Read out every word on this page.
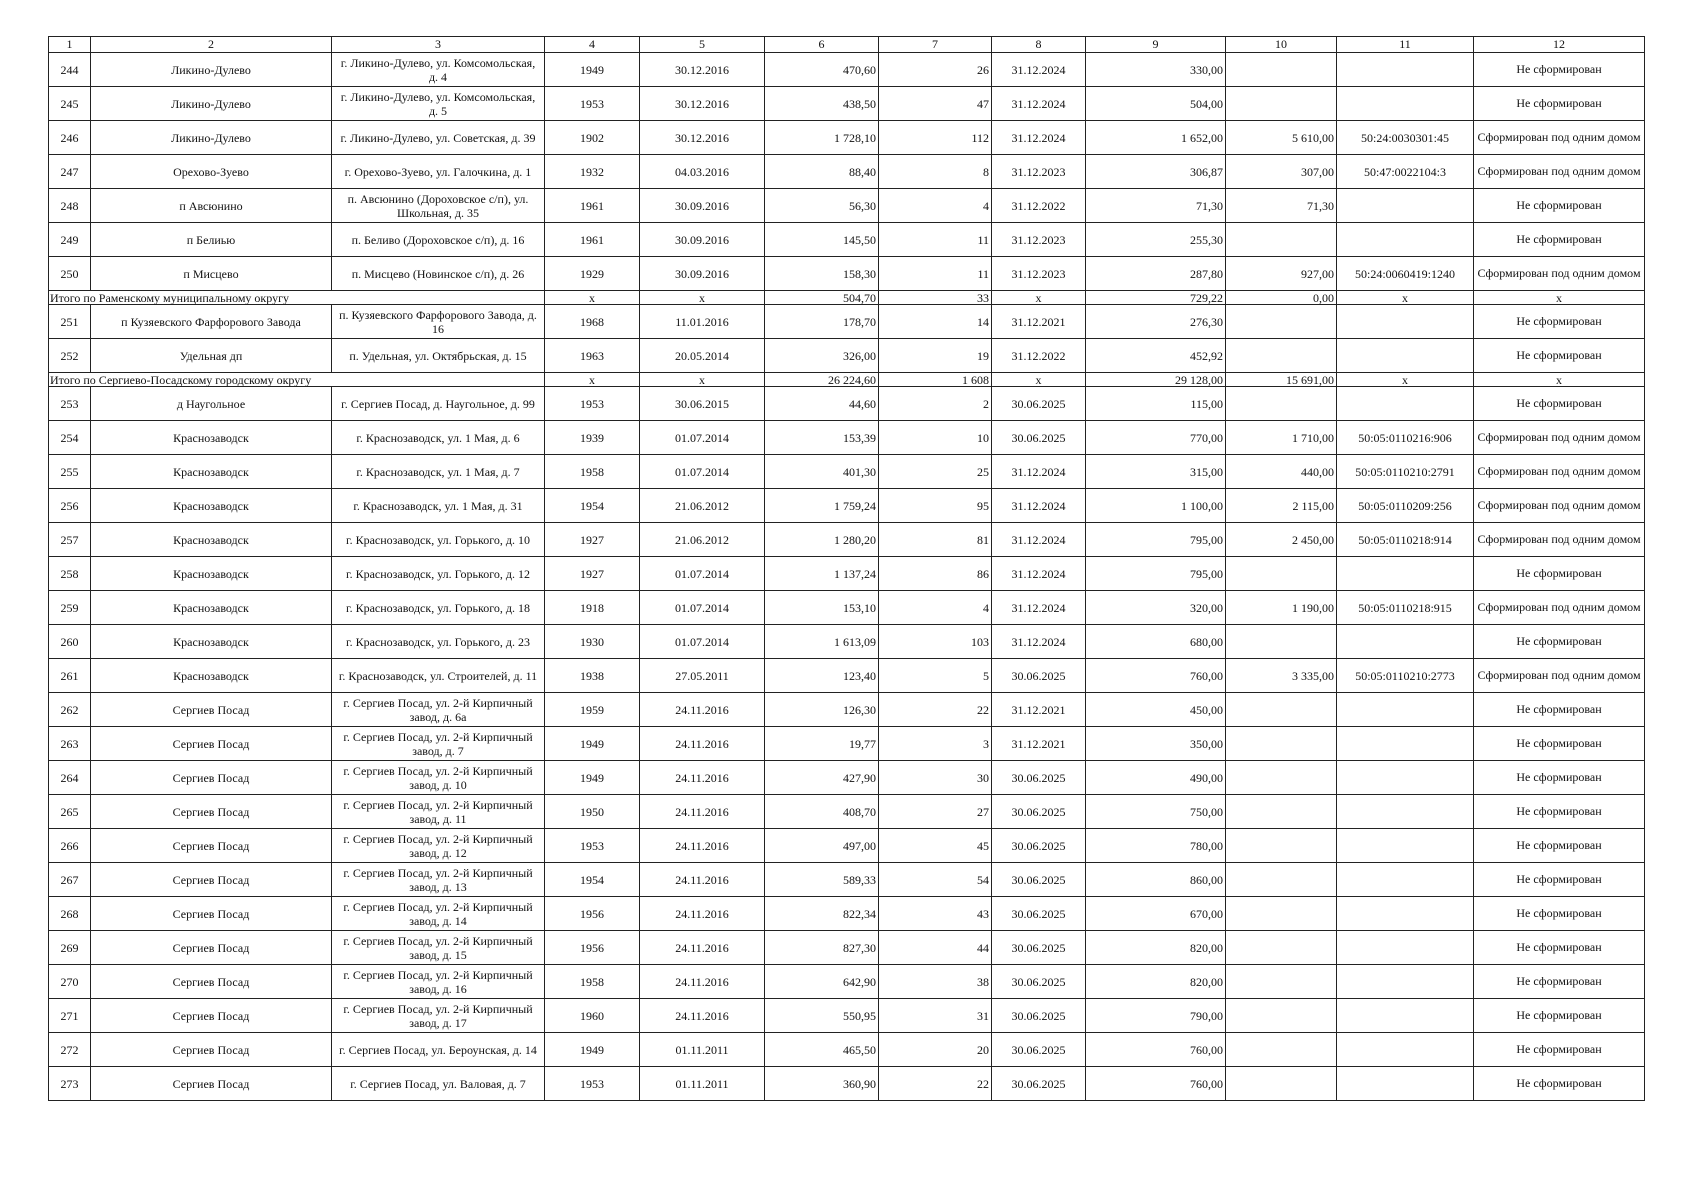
1	2	3	4	5	6	7	8	9	10	11	12
244	Ликино-Дулево	г. Ликино-Дулево, ул. Комсомольская, д. 4	1949	30.12.2016	470,60	26	31.12.2024	330,00			Не сформирован
245	Ликино-Дулево	г. Ликино-Дулево, ул. Комсомольская, д. 5	1953	30.12.2016	438,50	47	31.12.2024	504,00			Не сформирован
246	Ликино-Дулево	г. Ликино-Дулево, ул. Советская, д. 39	1902	30.12.2016	1 728,10	112	31.12.2024	1 652,00	5 610,00	50:24:0030301:45	Сформирован под одним домом
247	Орехово-Зуево	г. Орехово-Зуево, ул. Галочкина, д. 1	1932	04.03.2016	88,40	8	31.12.2023	306,87	307,00	50:47:0022104:3	Сформирован под одним домом
248	п Авсюнино	п. Авсюнино (Дороховское с/п), ул. Школьная, д. 35	1961	30.09.2016	56,30	4	31.12.2022	71,30	71,30		Не сформирован
249	п Белиью	п. Беливо (Дороховское с/п), д. 16	1961	30.09.2016	145,50	11	31.12.2023	255,30			Не сформирован
250	п Мисцево	п. Мисцево (Новинское с/п), д. 26	1929	30.09.2016	158,30	11	31.12.2023	287,80	927,00	50:24:0060419:1240	Сформирован под одним домом
Итого по Раменскому муниципальному округу			x	x	504,70	33	x	729,22	0,00	x	x
251	п Кузяевского Фарфорового Завода	п. Кузяевского Фарфорового Завода, д. 16	1968	11.01.2016	178,70	14	31.12.2021	276,30			Не сформирован
252	Удельная дп	п. Удельная, ул. Октябрьская, д. 15	1963	20.05.2014	326,00	19	31.12.2022	452,92			Не сформирован
Итого по Сергиево-Посадскому городскому округу			x	x	26 224,60	1 608	x	29 128,00	15 691,00	x	x
253	д Наугольное	г. Сергиев Посад, д. Наугольное, д. 99	1953	30.06.2015	44,60	2	30.06.2025	115,00			Не сформирован
254	Краснозаводск	г. Краснозаводск, ул. 1 Мая, д. 6	1939	01.07.2014	153,39	10	30.06.2025	770,00	1 710,00	50:05:0110216:906	Сформирован под одним домом
255	Краснозаводск	г. Краснозаводск, ул. 1 Мая, д. 7	1958	01.07.2014	401,30	25	31.12.2024	315,00	440,00	50:05:0110210:2791	Сформирован под одним домом
256	Краснозаводск	г. Краснозаводск, ул. 1 Мая, д. 31	1954	21.06.2012	1 759,24	95	31.12.2024	1 100,00	2 115,00	50:05:0110209:256	Сформирован под одним домом
257	Краснозаводск	г. Краснозаводск, ул. Горького, д. 10	1927	21.06.2012	1 280,20	81	31.12.2024	795,00	2 450,00	50:05:0110218:914	Сформирован под одним домом
258	Краснозаводск	г. Краснозаводск, ул. Горького, д. 12	1927	01.07.2014	1 137,24	86	31.12.2024	795,00			Не сформирован
259	Краснозаводск	г. Краснозаводск, ул. Горького, д. 18	1918	01.07.2014	153,10	4	31.12.2024	320,00	1 190,00	50:05:0110218:915	Сформирован под одним домом
260	Краснозаводск	г. Краснозаводск, ул. Горького, д. 23	1930	01.07.2014	1 613,09	103	31.12.2024	680,00			Не сформирован
261	Краснозаводск	г. Краснозаводск, ул. Строителей, д. 11	1938	27.05.2011	123,40	5	30.06.2025	760,00	3 335,00	50:05:0110210:2773	Сформирован под одним домом
262	Сергиев Посад	г. Сергиев Посад, ул. 2-й Кирпичный завод, д. 6а	1959	24.11.2016	126,30	22	31.12.2021	450,00			Не сформирован
263	Сергиев Посад	г. Сергиев Посад, ул. 2-й Кирпичный завод, д. 7	1949	24.11.2016	19,77	3	31.12.2021	350,00			Не сформирован
264	Сергиев Посад	г. Сергиев Посад, ул. 2-й Кирпичный завод, д. 10	1949	24.11.2016	427,90	30	30.06.2025	490,00			Не сформирован
265	Сергиев Посад	г. Сергиев Посад, ул. 2-й Кирпичный завод, д. 11	1950	24.11.2016	408,70	27	30.06.2025	750,00			Не сформирован
266	Сергиев Посад	г. Сергиев Посад, ул. 2-й Кирпичный завод, д. 12	1953	24.11.2016	497,00	45	30.06.2025	780,00			Не сформирован
267	Сергиев Посад	г. Сергиев Посад, ул. 2-й Кирпичный завод, д. 13	1954	24.11.2016	589,33	54	30.06.2025	860,00			Не сформирован
268	Сергиев Посад	г. Сергиев Посад, ул. 2-й Кирпичный завод, д. 14	1956	24.11.2016	822,34	43	30.06.2025	670,00			Не сформирован
269	Сергиев Посад	г. Сергиев Посад, ул. 2-й Кирпичный завод, д. 15	1956	24.11.2016	827,30	44	30.06.2025	820,00			Не сформирован
270	Сергиев Посад	г. Сергиев Посад, ул. 2-й Кирпичный завод, д. 16	1958	24.11.2016	642,90	38	30.06.2025	820,00			Не сформирован
271	Сергиев Посад	г. Сергиев Посад, ул. 2-й Кирпичный завод, д. 17	1960	24.11.2016	550,95	31	30.06.2025	790,00			Не сформирован
272	Сергиев Посад	г. Сергиев Посад, ул. Бероунская, д. 14	1949	01.11.2011	465,50	20	30.06.2025	760,00			Не сформирован
273	Сергиев Посад	г. Сергиев Посад, ул. Валовая, д. 7	1953	01.11.2011	360,90	22	30.06.2025	760,00			Не сформирован
